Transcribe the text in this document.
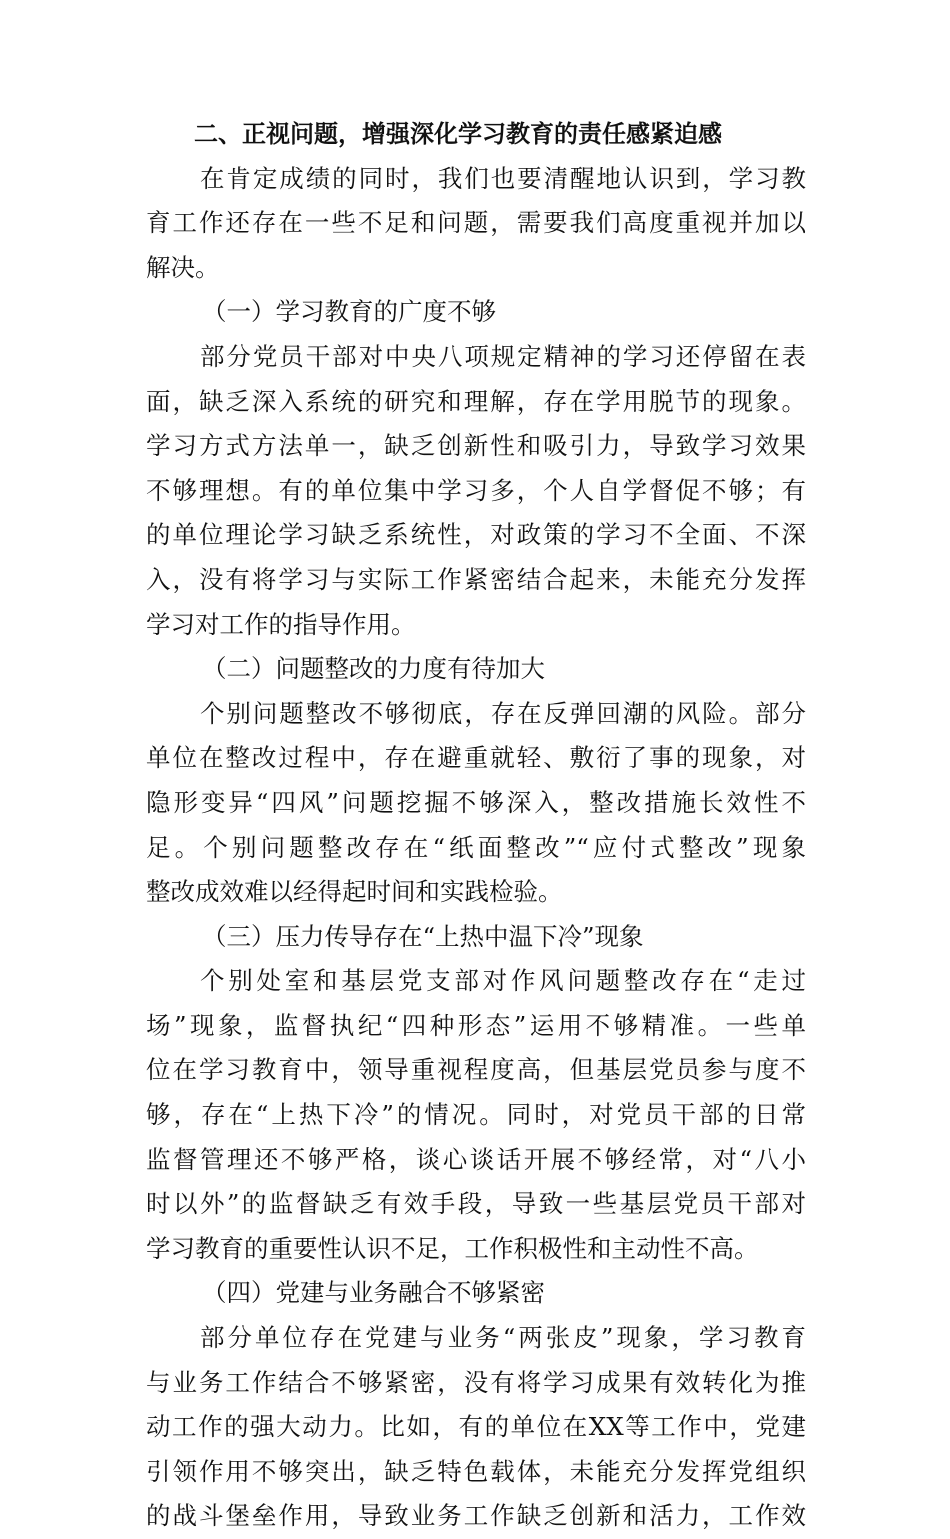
二、正视问题，增强深化学习教育的责任感紧迫感
在肯定成绩的同时，我们也要清醒地认识到，学习教
育工作还存在一些不足和问题，需要我们高度重视并加以
解决。
（一）学习教育的广度不够
部分党员干部对中央八项规定精神的学习还停留在表
面，缺乏深入系统的研究和理解，存在学用脱节的现象。
学习方式方法单一，缺乏创新性和吸引力，导致学习效果
不够理想。有的单位集中学习多，个人自学督促不够；有
的单位理论学习缺乏系统性，对政策的学习不全面、不深
入，没有将学习与实际工作紧密结合起来，未能充分发挥
学习对工作的指导作用。
（二）问题整改的力度有待加大
个别问题整改不够彻底，存在反弹回潮的风险。部分
单位在整改过程中，存在避重就轻、敷衍了事的现象，对
隐形变异“四风”问题挖掘不够深入，整改措施长效性不
足。个别问题整改存在“纸面整改”“应付式整改”现象
整改成效难以经得起时间和实践检验。
（三）压力传导存在“上热中温下冷”现象
个别处室和基层党支部对作风问题整改存在“走过
场”现象，监督执纪“四种形态”运用不够精准。一些单
位在学习教育中，领导重视程度高，但基层党员参与度不
够，存在“上热下冷”的情况。同时，对党员干部的日常
监督管理还不够严格，谈心谈话开展不够经常，对“八小
时以外”的监督缺乏有效手段，导致一些基层党员干部对
学习教育的重要性认识不足，工作积极性和主动性不高。
（四）党建与业务融合不够紧密
部分单位存在党建与业务“两张皮”现象，学习教育
与业务工作结合不够紧密，没有将学习成果有效转化为推
动工作的强大动力。比如，有的单位在XX等工作中，党建
引领作用不够突出，缺乏特色载体，未能充分发挥党组织
的战斗堡垒作用，导致业务工作缺乏创新和活力，工作效
